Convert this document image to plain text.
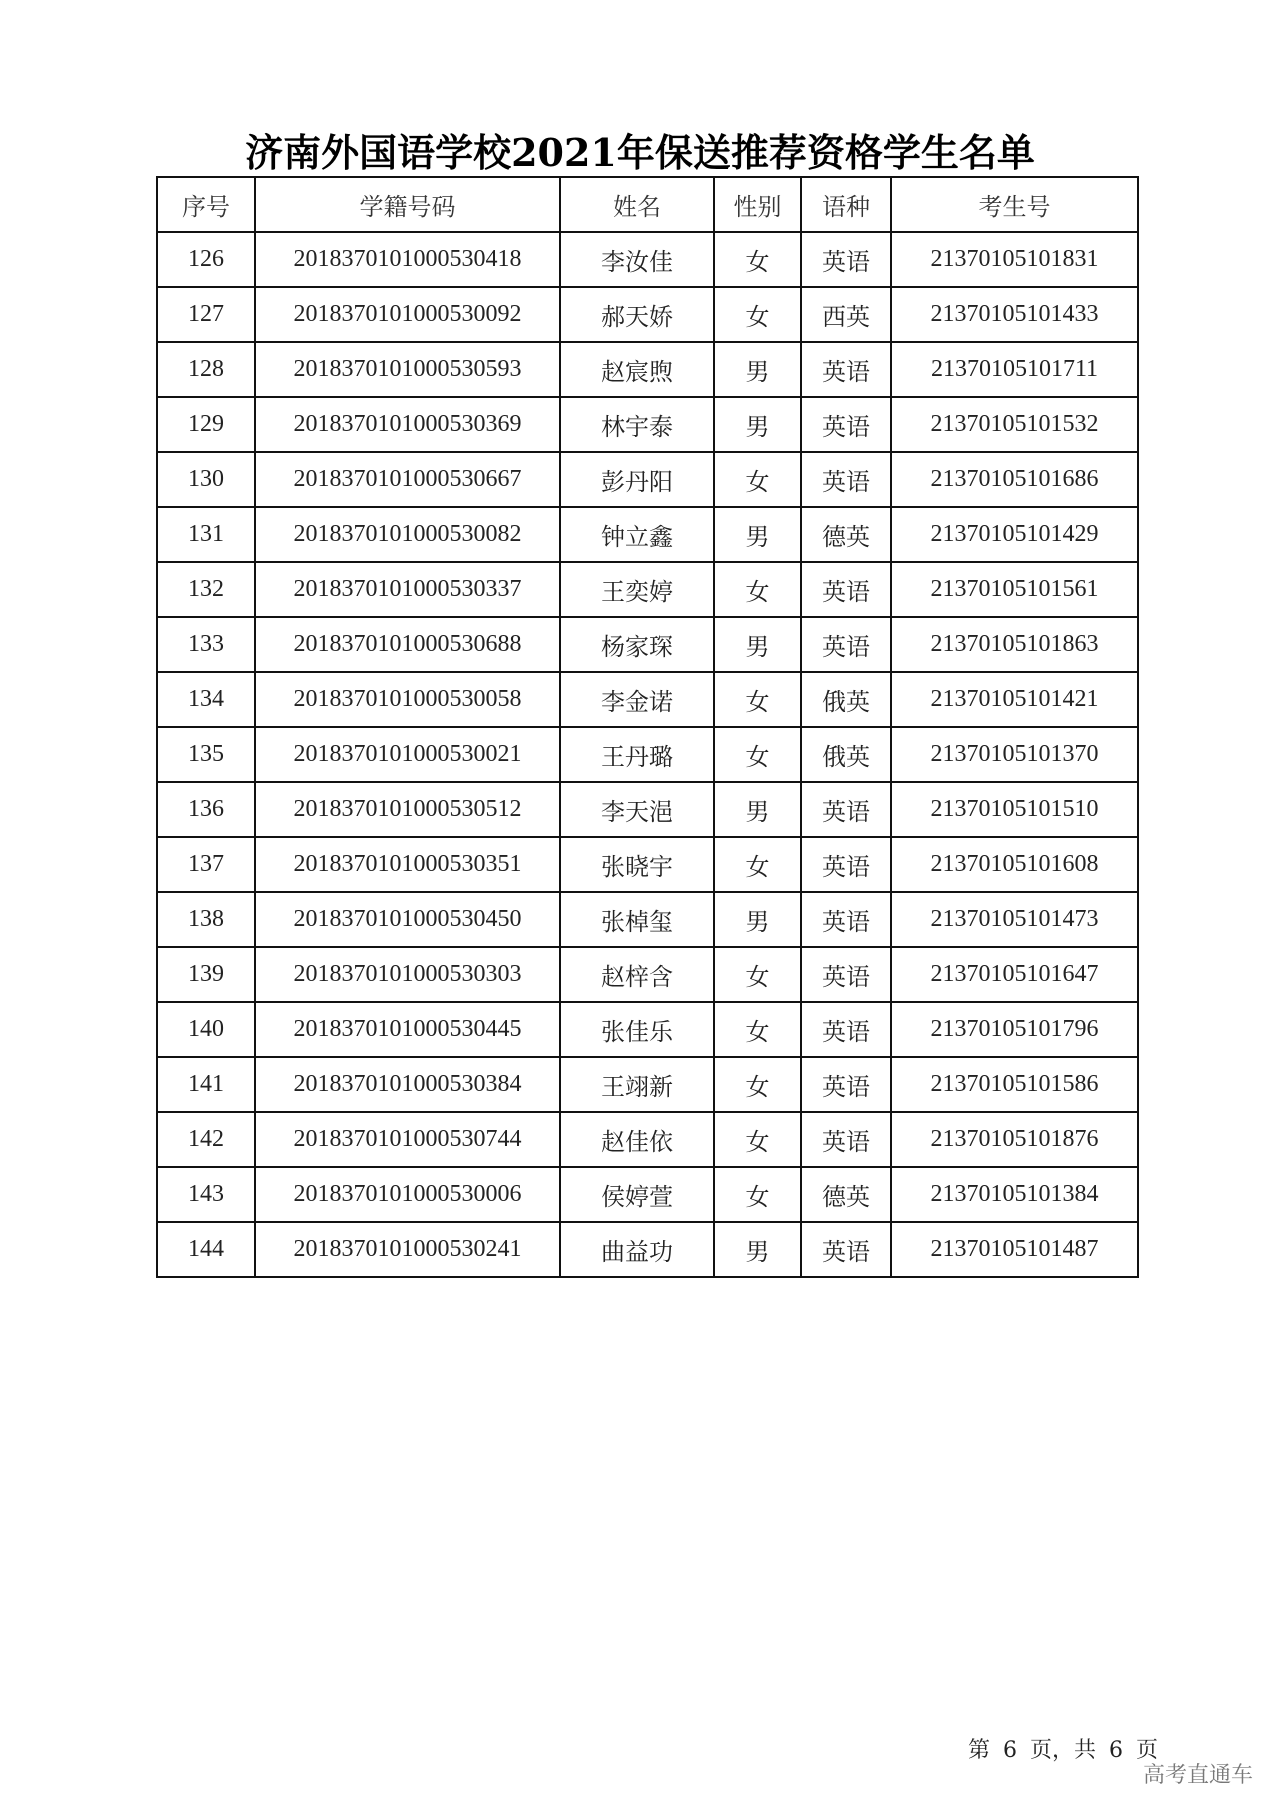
济南外国语学校2021年保送推荐资格学生名单
序号	学籍号码	姓名	性别	语种	考生号
126	2018370101000530418	李汝佳	女	英语	21370105101831
127	2018370101000530092	郝天娇	女	西英	21370105101433
128	2018370101000530593	赵宸煦	男	英语	21370105101711
129	2018370101000530369	林宇泰	男	英语	21370105101532
130	2018370101000530667	彭丹阳	女	英语	21370105101686
131	2018370101000530082	钟立鑫	男	德英	21370105101429
132	2018370101000530337	王奕婷	女	英语	21370105101561
133	2018370101000530688	杨家琛	男	英语	21370105101863
134	2018370101000530058	李金诺	女	俄英	21370105101421
135	2018370101000530021	王丹璐	女	俄英	21370105101370
136	2018370101000530512	李天浥	男	英语	21370105101510
137	2018370101000530351	张晓宇	女	英语	21370105101608
138	2018370101000530450	张棹玺	男	英语	21370105101473
139	2018370101000530303	赵梓含	女	英语	21370105101647
140	2018370101000530445	张佳乐	女	英语	21370105101796
141	2018370101000530384	王翊新	女	英语	21370105101586
142	2018370101000530744	赵佳依	女	英语	21370105101876
143	2018370101000530006	侯婷萱	女	德英	21370105101384
144	2018370101000530241	曲益功	男	英语	21370105101487
第 6 页，共 6 页
高考直通车
